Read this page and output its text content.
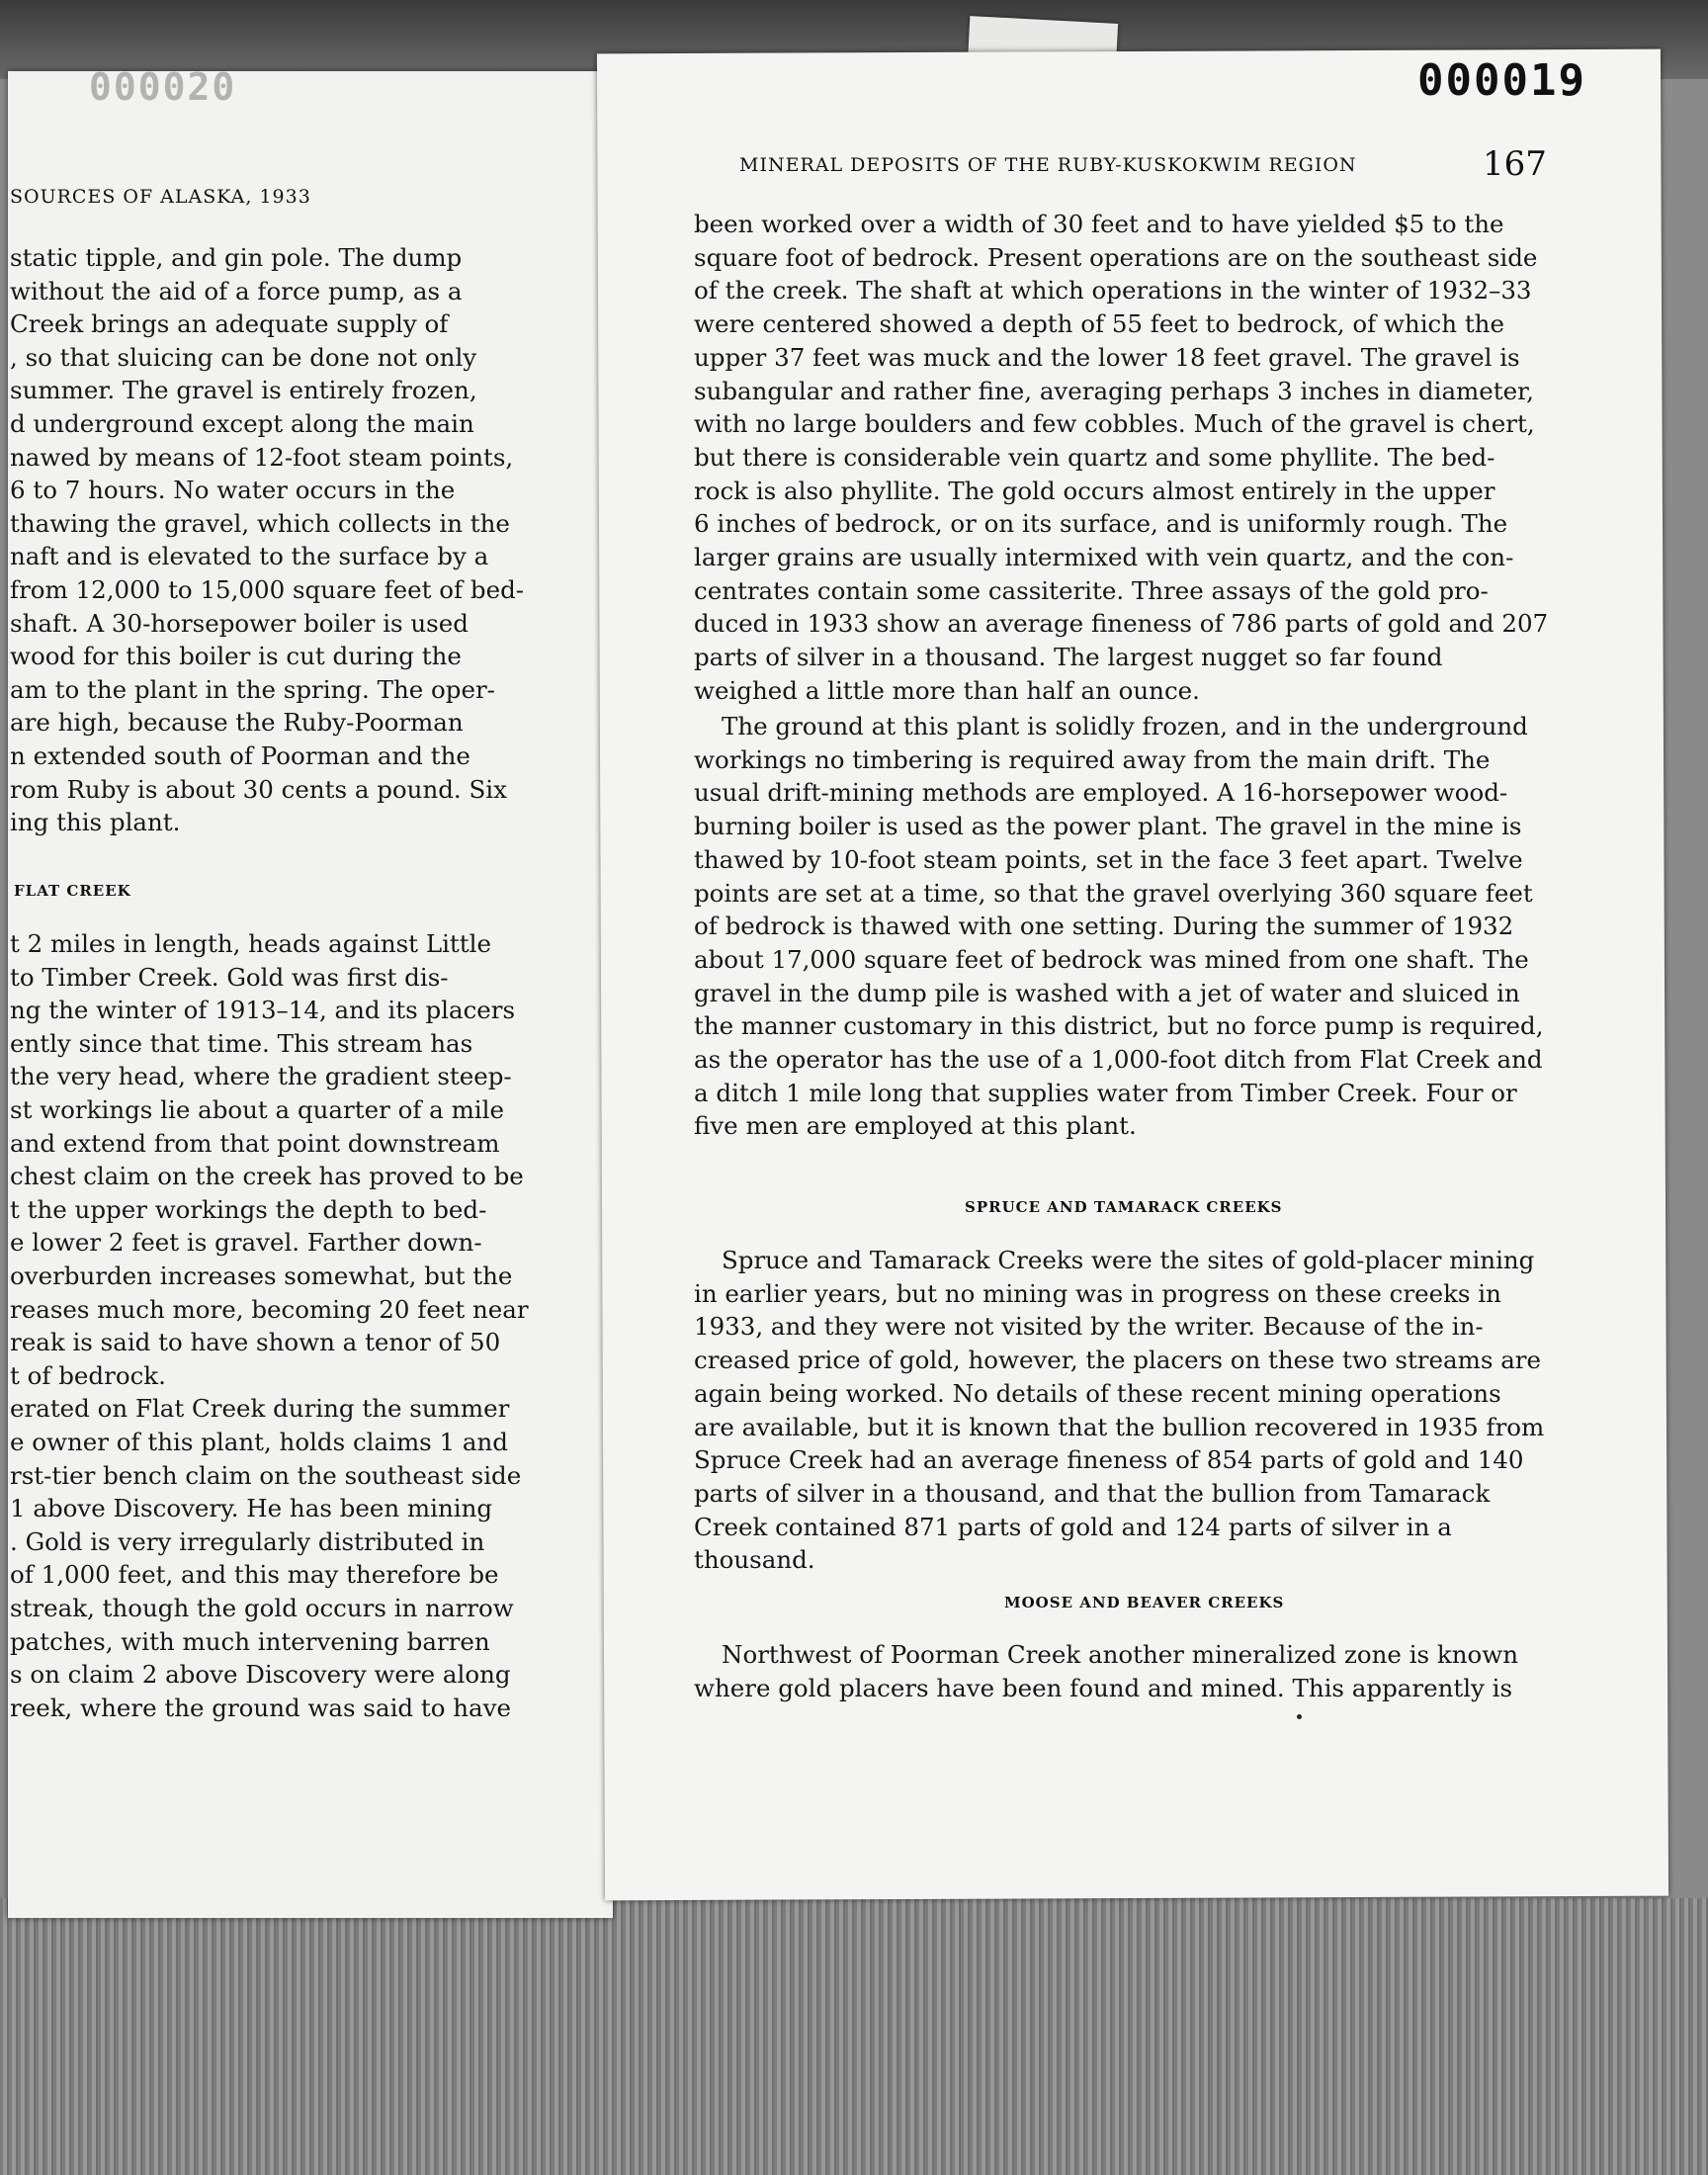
000020
SOURCES OF ALASKA, 1933
static tipple, and gin pole. The dump
without the aid of a force pump, as a
Creek brings an adequate supply of
, so that sluicing can be done not only
summer. The gravel is entirely frozen,
d underground except along the main
nawed by means of 12-foot steam points,
6 to 7 hours. No water occurs in the
thawing the gravel, which collects in the
naft and is elevated to the surface by a
from 12,000 to 15,000 square feet of bed-
shaft. A 30-horsepower boiler is used
wood for this boiler is cut during the
am to the plant in the spring. The oper-
are high, because the Ruby-Poorman
n extended south of Poorman and the
rom Ruby is about 30 cents a pound. Six
ing this plant.
t 2 miles in length, heads against Little
to Timber Creek. Gold was first dis-
ng the winter of 1913–14, and its placers
ently since that time. This stream has
the very head, where the gradient steep-
st workings lie about a quarter of a mile
and extend from that point downstream
chest claim on the creek has proved to be
t the upper workings the depth to bed-
e lower 2 feet is gravel. Farther down-
overburden increases somewhat, but the
reases much more, becoming 20 feet near
reak is said to have shown a tenor of 50
t of bedrock.
erated on Flat Creek during the summer
e owner of this plant, holds claims 1 and
rst-tier bench claim on the southeast side
1 above Discovery. He has been mining
. Gold is very irregularly distributed in
of 1,000 feet, and this may therefore be
streak, though the gold occurs in narrow
patches, with much intervening barren
s on claim 2 above Discovery were along
reek, where the ground was said to have
FLAT CREEK
000019
MINERAL DEPOSITS OF THE RUBY-KUSKOKWIM REGION	167
been worked over a width of 30 feet and to have yielded $5 to the
square foot of bedrock. Present operations are on the southeast side
of the creek. The shaft at which operations in the winter of 1932–33
were centered showed a depth of 55 feet to bedrock, of which the
upper 37 feet was muck and the lower 18 feet gravel. The gravel is
subangular and rather fine, averaging perhaps 3 inches in diameter,
with no large boulders and few cobbles. Much of the gravel is chert,
but there is considerable vein quartz and some phyllite. The bed-
rock is also phyllite. The gold occurs almost entirely in the upper
6 inches of bedrock, or on its surface, and is uniformly rough. The
larger grains are usually intermixed with vein quartz, and the con-
centrates contain some cassiterite. Three assays of the gold pro-
duced in 1933 show an average fineness of 786 parts of gold and 207
parts of silver in a thousand. The largest nugget so far found
weighed a little more than half an ounce.
The ground at this plant is solidly frozen, and in the underground
workings no timbering is required away from the main drift. The
usual drift-mining methods are employed. A 16-horsepower wood-
burning boiler is used as the power plant. The gravel in the mine is
thawed by 10-foot steam points, set in the face 3 feet apart. Twelve
points are set at a time, so that the gravel overlying 360 square feet
of bedrock is thawed with one setting. During the summer of 1932
about 17,000 square feet of bedrock was mined from one shaft. The
gravel in the dump pile is washed with a jet of water and sluiced in
the manner customary in this district, but no force pump is required,
as the operator has the use of a 1,000-foot ditch from Flat Creek and
a ditch 1 mile long that supplies water from Timber Creek. Four or
five men are employed at this plant.
Spruce and Tamarack Creeks were the sites of gold-placer mining
in earlier years, but no mining was in progress on these creeks in
1933, and they were not visited by the writer. Because of the in-
creased price of gold, however, the placers on these two streams are
again being worked. No details of these recent mining operations
are available, but it is known that the bullion recovered in 1935 from
Spruce Creek had an average fineness of 854 parts of gold and 140
parts of silver in a thousand, and that the bullion from Tamarack
Creek contained 871 parts of gold and 124 parts of silver in a
thousand.
Northwest of Poorman Creek another mineralized zone is known
where gold placers have been found and mined. This apparently is
SPRUCE AND TAMARACK CREEKS
MOOSE AND BEAVER CREEKS
